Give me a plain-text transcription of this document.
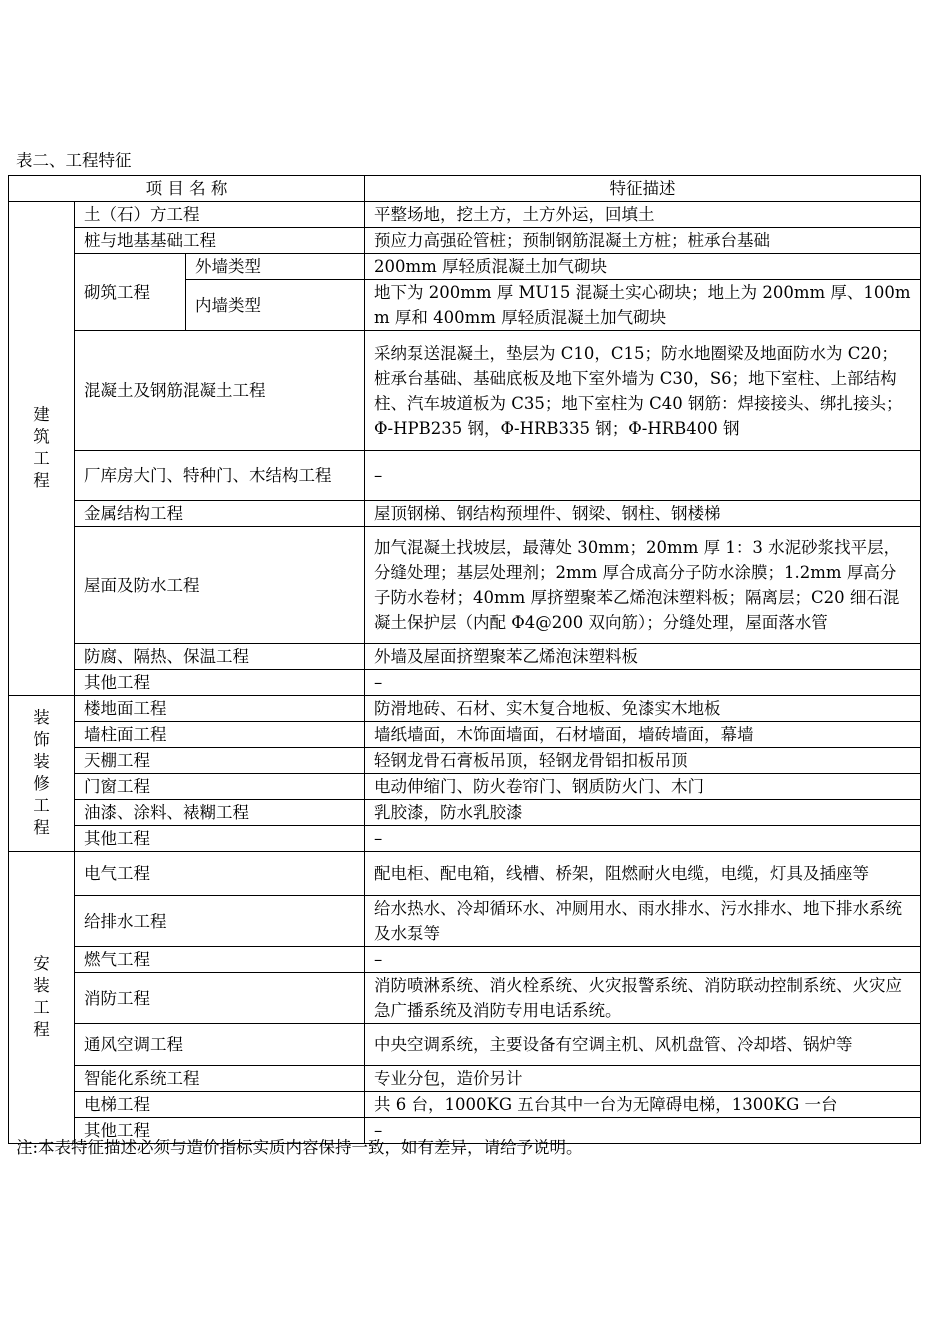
表二、工程特征
项 目 名 称			特征描述
建筑工程	土（石）方工程		平整场地，挖土方，土方外运，回填土
	桩与地基基础工程		预应力高强砼管桩；预制钢筋混凝土方桩；桩承台基础
	砌筑工程	外墙类型	200mm 厚轻质混凝土加气砌块
		内墙类型	地下为 200mm 厚 MU15 混凝土实心砌块；地上为 200mm 厚、100mm 厚和 400mm 厚轻质混凝土加气砌块
	混凝土及钢筋混凝土工程		采纳泵送混凝土，垫层为 C10，C15；防水地圈梁及地面防水为 C20；桩承台基础、基础底板及地下室外墙为 C30，S6；地下室柱、上部结构柱、汽车坡道板为 C35；地下室柱为 C40 钢筋：焊接接头、绑扎接头；Φ-HPB235 钢，Φ-HRB335 钢；Φ-HRB400 钢
	厂库房大门、特种门、木结构工程		–
	金属结构工程		屋顶钢梯、钢结构预埋件、钢梁、钢柱、钢楼梯
	屋面及防水工程		加气混凝土找坡层，最薄处 30mm；20mm 厚 1：3 水泥砂浆找平层，分缝处理；基层处理剂；2mm 厚合成高分子防水涂膜；1.2mm 厚高分子防水卷材；40mm 厚挤塑聚苯乙烯泡沫塑料板；隔离层；C20 细石混凝土保护层（内配 Φ4@200 双向筋）；分缝处理，屋面落水管
	防腐、隔热、保温工程		外墙及屋面挤塑聚苯乙烯泡沫塑料板
	其他工程		–
装饰装修工程	楼地面工程		防滑地砖、石材、实木复合地板、免漆实木地板
	墙柱面工程		墙纸墙面，木饰面墙面，石材墙面，墙砖墙面，幕墙
	天棚工程		轻钢龙骨石膏板吊顶，轻钢龙骨铝扣板吊顶
	门窗工程		电动伸缩门、防火卷帘门、钢质防火门、木门
	油漆、涂料、裱糊工程		乳胶漆，防水乳胶漆
	其他工程		–
安装工程	电气工程		配电柜、配电箱，线槽、桥架，阻燃耐火电缆，电缆，灯具及插座等
	给排水工程		给水热水、冷却循环水、冲厕用水、雨水排水、污水排水、地下排水系统及水泵等
	燃气工程		–
	消防工程		消防喷淋系统、消火栓系统、火灾报警系统、消防联动控制系统、火灾应急广播系统及消防专用电话系统。
	通风空调工程		中央空调系统，主要设备有空调主机、风机盘管、冷却塔、锅炉等
	智能化系统工程		专业分包，造价另计
	电梯工程		共 6 台，1000KG 五台其中一台为无障碍电梯，1300KG 一台
	其他工程		–
注:本表特征描述必须与造价指标实质内容保持一致，如有差异，请给予说明。
